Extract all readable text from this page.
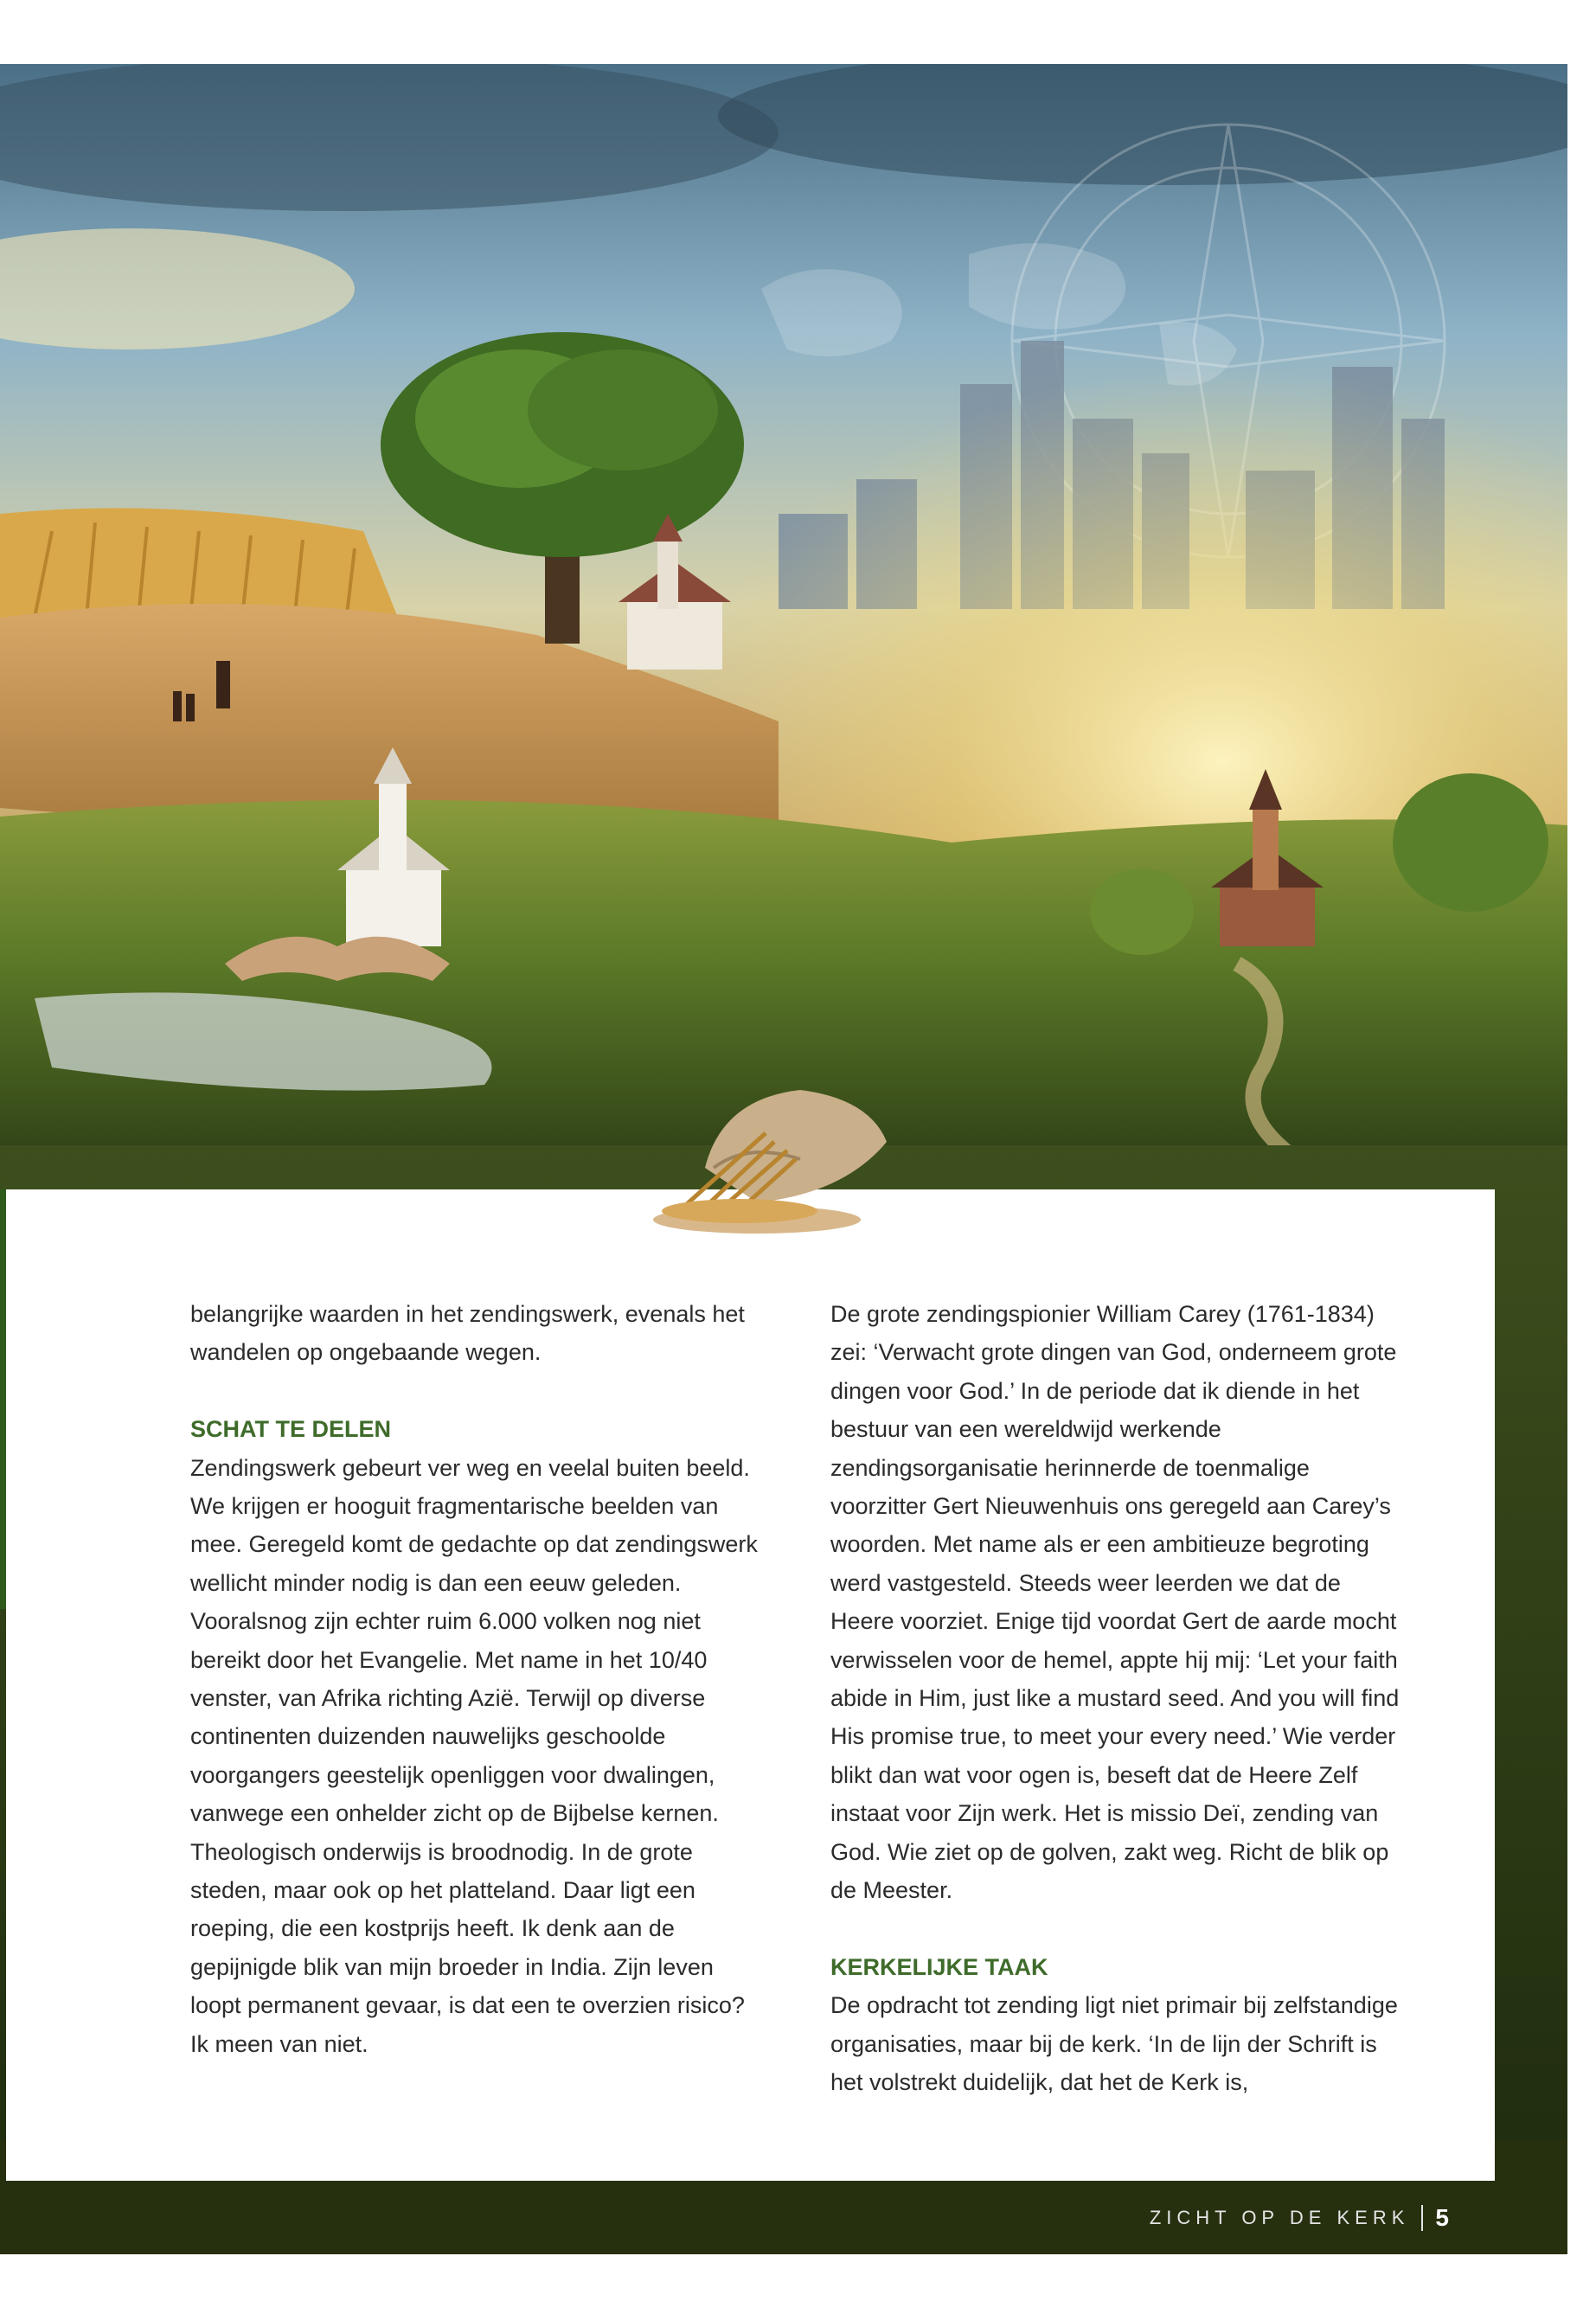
belangrijke waarden in het zendingswerk, evenals het wandelen op ongebaande wegen.

SCHAT TE DELEN

Zendingswerk gebeurt ver weg en veelal buiten beeld. We krijgen er hooguit fragmentarische beelden van mee. Geregeld komt de gedachte op dat zendingswerk wellicht minder nodig is dan een eeuw geleden. Vooralsnog zijn echter ruim 6.000 volken nog niet bereikt door het Evangelie. Met name in het 10/40 venster, van Afrika richting Azië. Terwijl op diverse continenten duizenden nauwelijks geschoolde voorgangers geestelijk openliggen voor dwalingen, vanwege een onhelder zicht op de Bijbelse kernen. Theologisch onderwijs is broodnodig. In de grote steden, maar ook op het platteland. Daar ligt een roeping, die een kostprijs heeft. Ik denk aan de gepijnigde blik van mijn broeder in India. Zijn leven loopt permanent gevaar, is dat een te overzien risico? Ik meen van niet.

De grote zendingspionier William Carey (1761-1834) zei: ‘Verwacht grote dingen van God, onderneem grote dingen voor God.’ In de periode dat ik diende in het bestuur van een wereldwijd werkende zendingsorganisatie herinnerde de toenmalige voorzitter Gert Nieuwenhuis ons geregeld aan Carey’s woorden. Met name als er een ambitieuze begroting werd vastgesteld. Steeds weer leerden we dat de Heere voorziet. Enige tijd voordat Gert de aarde mocht verwisselen voor de hemel, appte hij mij: ‘Let your faith abide in Him, just like a mustard seed. And you will find His promise true, to meet your every need.’ Wie verder blikt dan wat voor ogen is, beseft dat de Heere Zelf instaat voor Zijn werk. Het is missio Deï, zending van God. Wie ziet op de golven, zakt weg. Richt de blik op de Meester.

KERKELIJKE TAAK

De opdracht tot zending ligt niet primair bij zelfstandige organisaties, maar bij de kerk. ‘In de lijn der Schrift is het volstrekt duidelijk, dat het de Kerk is,

ZICHT OP DE KERK 5
